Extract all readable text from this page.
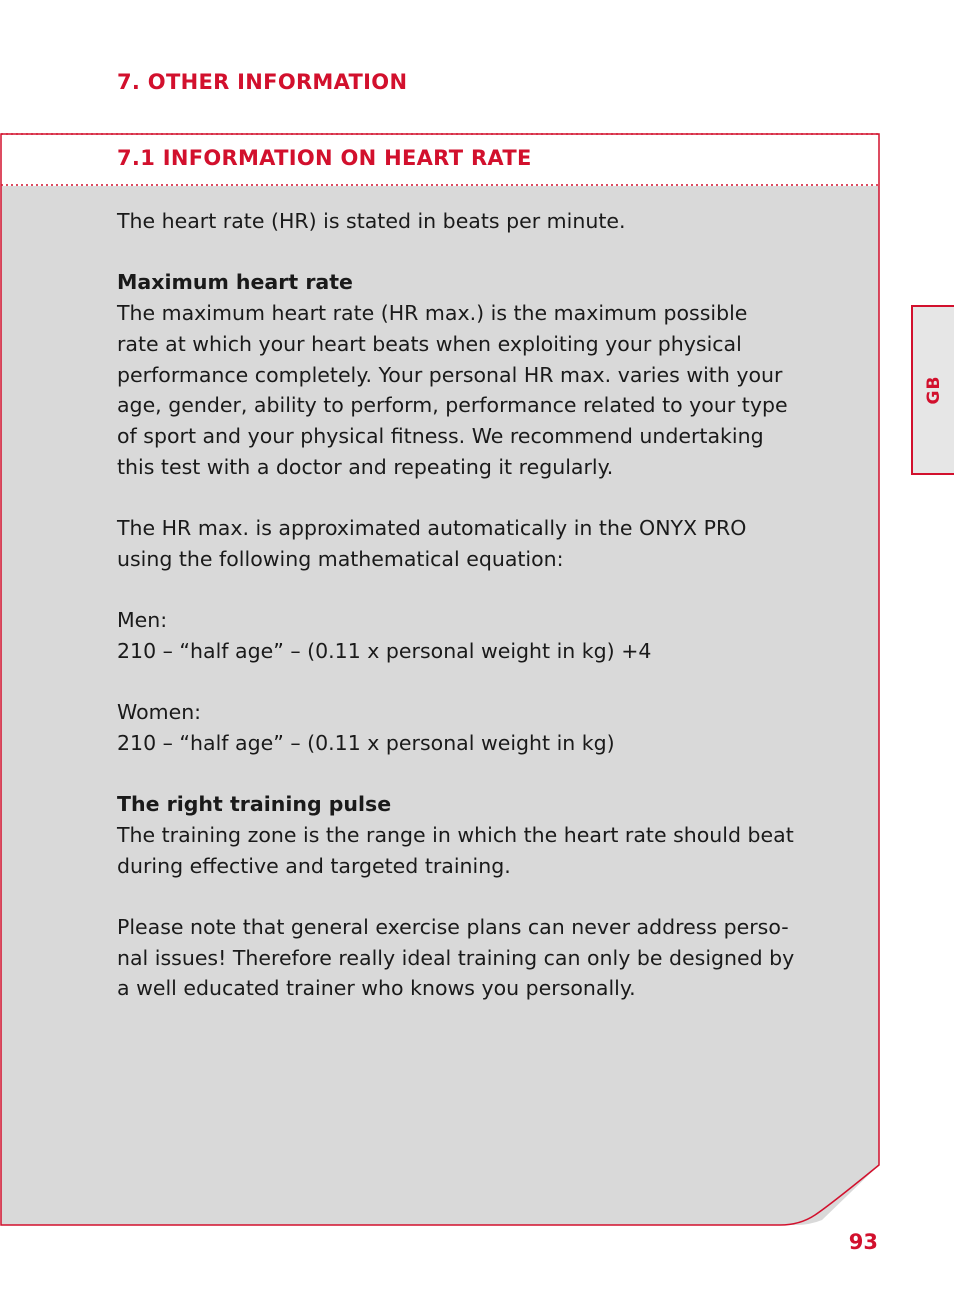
7. OTHER INFORMATION
7.1 INFORMATION ON HEART RATE

The heart rate (HR) is stated in beats per minute.

Maximum heart rate

The maximum heart rate (HR max.) is the maximum possible

rate at which your heart beats when exploiting your physical

performance completely. Your personal HR max. varies with your

age, gender, ability to perform, performance related to your type

of sport and your physical fitness. We recommend undertaking

this test with a doctor and repeating it regularly.

The HR max. is approximated automatically in the ONYX PRO

using the following mathematical equation:

Men:

210 – “half age” – (0.11 x personal weight in kg) +4

Women:

210 – “half age” – (0.11 x personal weight in kg)

The right training pulse

The training zone is the range in which the heart rate should beat

during effective and targeted training.

Please note that general exercise plans can never address perso-

nal issues! Therefore really ideal training can only be designed by

a well educated trainer who knows you personally.

GB
93
